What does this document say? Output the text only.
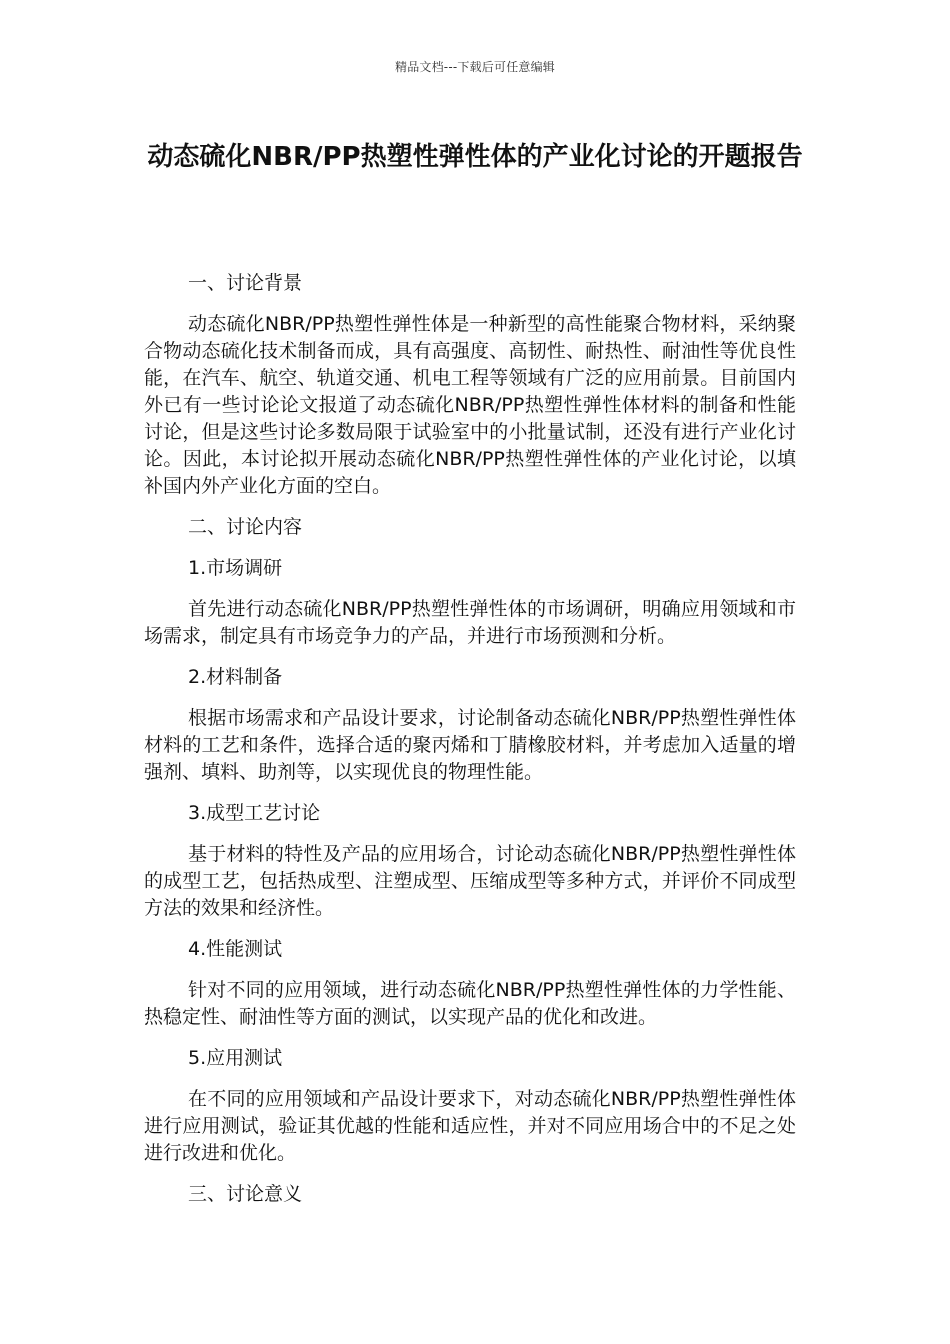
精品文档---下载后可任意编辑
动态硫化NBR/PP热塑性弹性体的产业化讨论的开题报告

一、讨论背景

动态硫化NBR/PP热塑性弹性体是一种新型的高性能聚合物材料，采纳聚合物动态硫化技术制备而成，具有高强度、高韧性、耐热性、耐油性等优良性能，在汽车、航空、轨道交通、机电工程等领域有广泛的应用前景。目前国内外已有一些讨论论文报道了动态硫化NBR/PP热塑性弹性体材料的制备和性能讨论，但是这些讨论多数局限于试验室中的小批量试制，还没有进行产业化讨论。因此，本讨论拟开展动态硫化NBR/PP热塑性弹性体的产业化讨论，以填补国内外产业化方面的空白。

二、讨论内容

1.市场调研

首先进行动态硫化NBR/PP热塑性弹性体的市场调研，明确应用领域和市场需求，制定具有市场竞争力的产品，并进行市场预测和分析。

2.材料制备

根据市场需求和产品设计要求，讨论制备动态硫化NBR/PP热塑性弹性体材料的工艺和条件，选择合适的聚丙烯和丁腈橡胶材料，并考虑加入适量的增强剂、填料、助剂等，以实现优良的物理性能。

3.成型工艺讨论

基于材料的特性及产品的应用场合，讨论动态硫化NBR/PP热塑性弹性体的成型工艺，包括热成型、注塑成型、压缩成型等多种方式，并评价不同成型方法的效果和经济性。

4.性能测试

针对不同的应用领域，进行动态硫化NBR/PP热塑性弹性体的力学性能、热稳定性、耐油性等方面的测试，以实现产品的优化和改进。

5.应用测试

在不同的应用领域和产品设计要求下，对动态硫化NBR/PP热塑性弹性体进行应用测试，验证其优越的性能和适应性，并对不同应用场合中的不足之处进行改进和优化。

三、讨论意义
